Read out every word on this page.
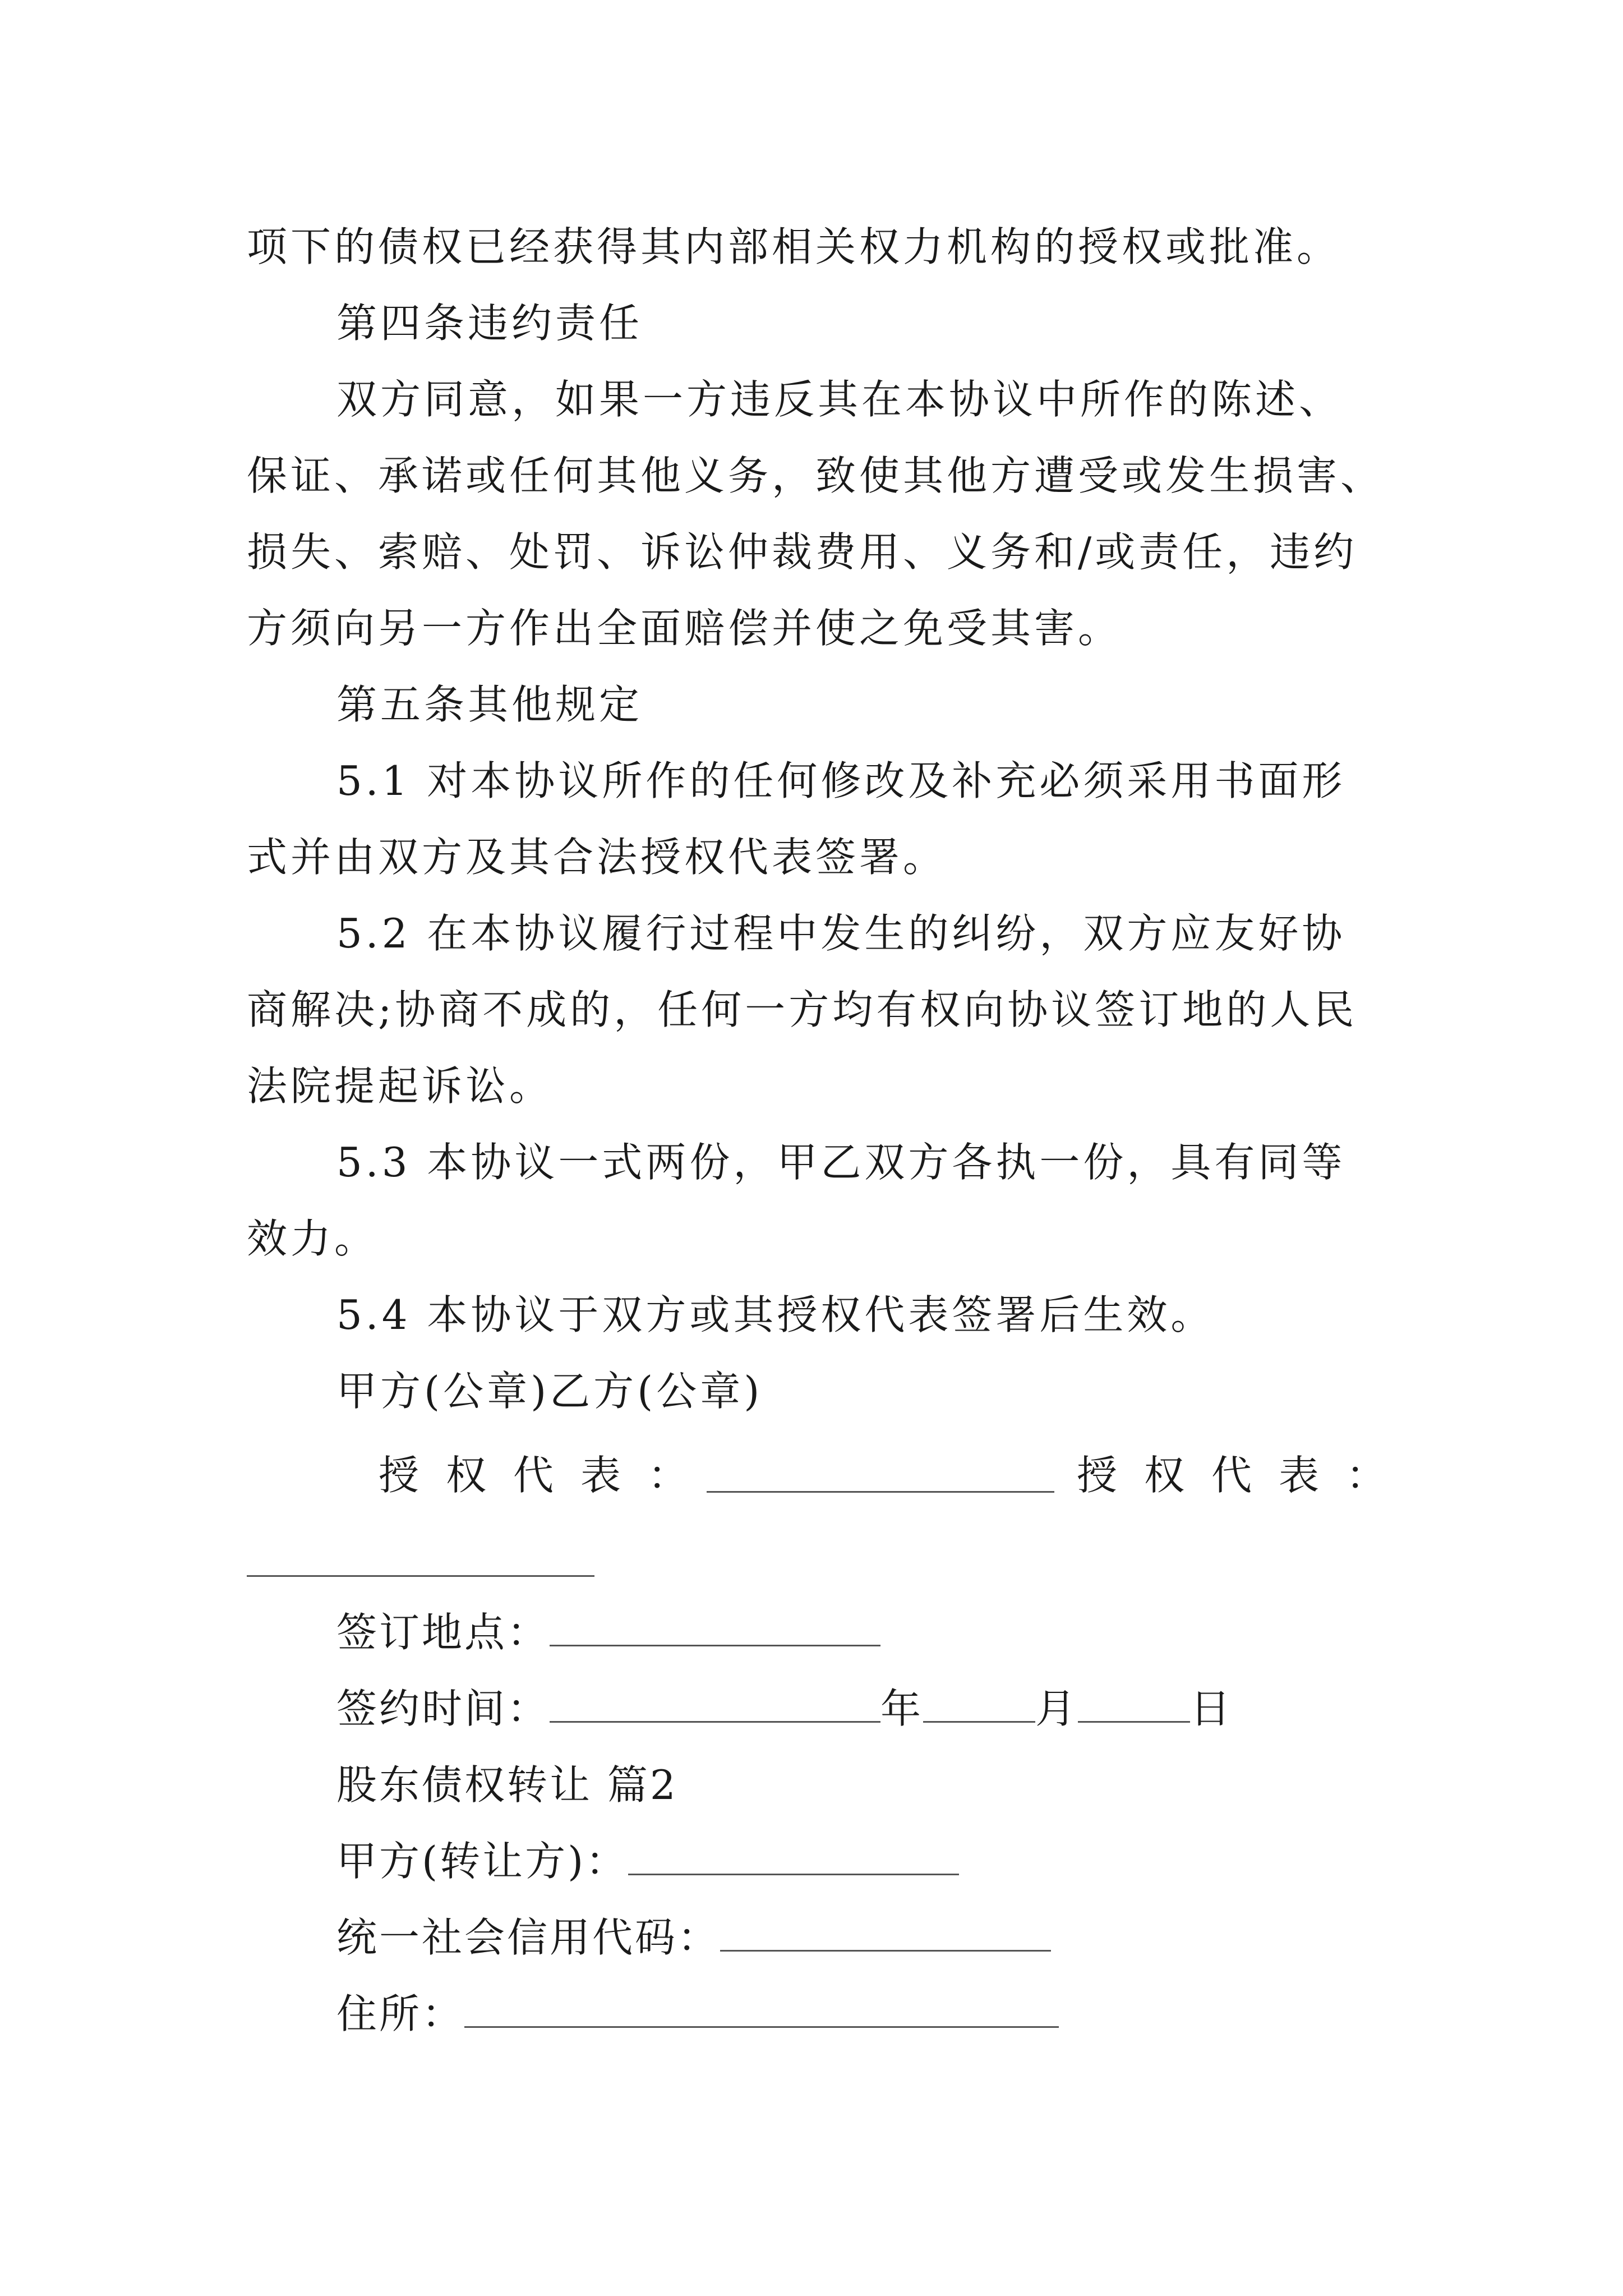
项下的债权已经获得其内部相关权力机构的授权或批准。

第四条违约责任

双方同意，如果一方违反其在本协议中所作的陈述、保证、承诺或任何其他义务，致使其他方遭受或发生损害、损失、索赔、处罚、诉讼仲裁费用、义务和/或责任，违约方须向另一方作出全面赔偿并使之免受其害。

第五条其他规定

5.1 对本协议所作的任何修改及补充必须采用书面形式并由双方及其合法授权代表签署。

5.2 在本协议履行过程中发生的纠纷，双方应友好协商解决;协商不成的，任何一方均有权向协议签订地的人民法院提起诉讼。

5.3 本协议一式两份，甲乙双方各执一份，具有同等效力。

5.4 本协议于双方或其授权代表签署后生效。

甲方(公章)乙方(公章)

授权代表：	授权代表：
签订地点：
签约时间：	年	月	日
股东债权转让 篇2
甲方(转让方)：
统一社会信用代码：
住所：
